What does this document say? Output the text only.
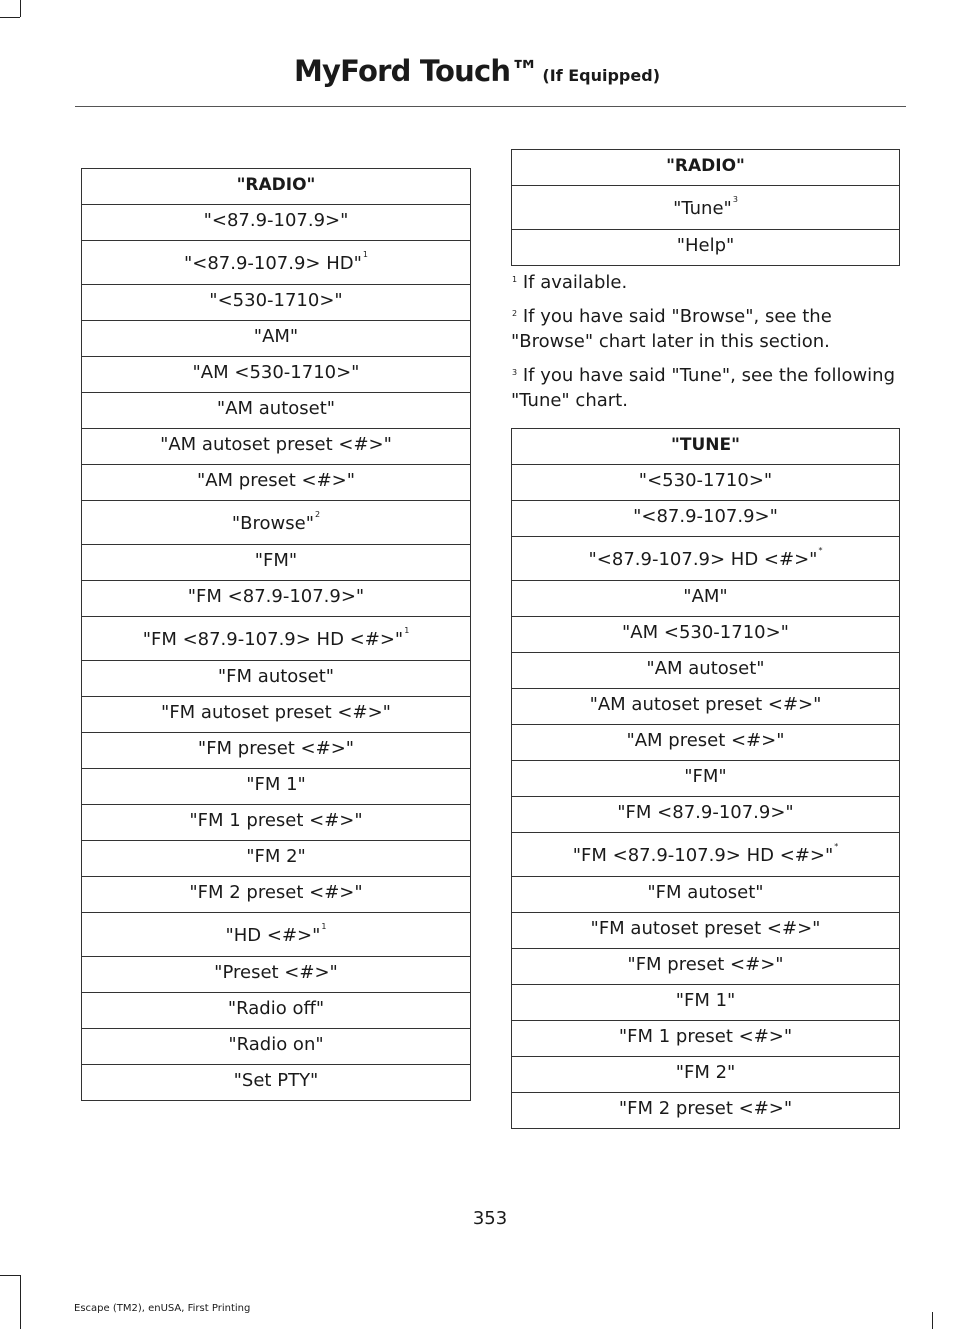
MyFord Touch™ (If Equipped)
"RADIO"
"<87.9-107.9>"
"<87.9-107.9> HD"$^1$
"<530-1710>"
"AM"
"AM <530-1710>"
"AM autoset"
"AM autoset preset <#>"
"AM preset <#>"
"Browse"$^2$
"FM"
"FM <87.9-107.9>"
"FM <87.9-107.9> HD <#>"$^1$
"FM autoset"
"FM autoset preset <#>"
"FM preset <#>"
"FM 1"
"FM 1 preset <#>"
"FM 2"
"FM 2 preset <#>"
"HD <#>"$^1$
"Preset <#>"
"Radio off"
"Radio on"
"Set PTY"
"RADIO"
"Tune"$^3$
"Help"

$^1$ If available.

$^2$ If you have said "Browse", see the "Browse" chart later in this section.

$^3$ If you have said "Tune", see the following "Tune" chart.

"TUNE"
"<530-1710>"
"<87.9-107.9>"
"<87.9-107.9> HD <#>"*
"AM"
"AM <530-1710>"
"AM autoset"
"AM autoset preset <#>"
"AM preset <#>"
"FM"
"FM <87.9-107.9>"
"FM <87.9-107.9> HD <#>"*
"FM autoset"
"FM autoset preset <#>"
"FM preset <#>"
"FM 1"
"FM 1 preset <#>"
"FM 2"
"FM 2 preset <#>"
353
Escape (TM2), enUSA, First Printing
